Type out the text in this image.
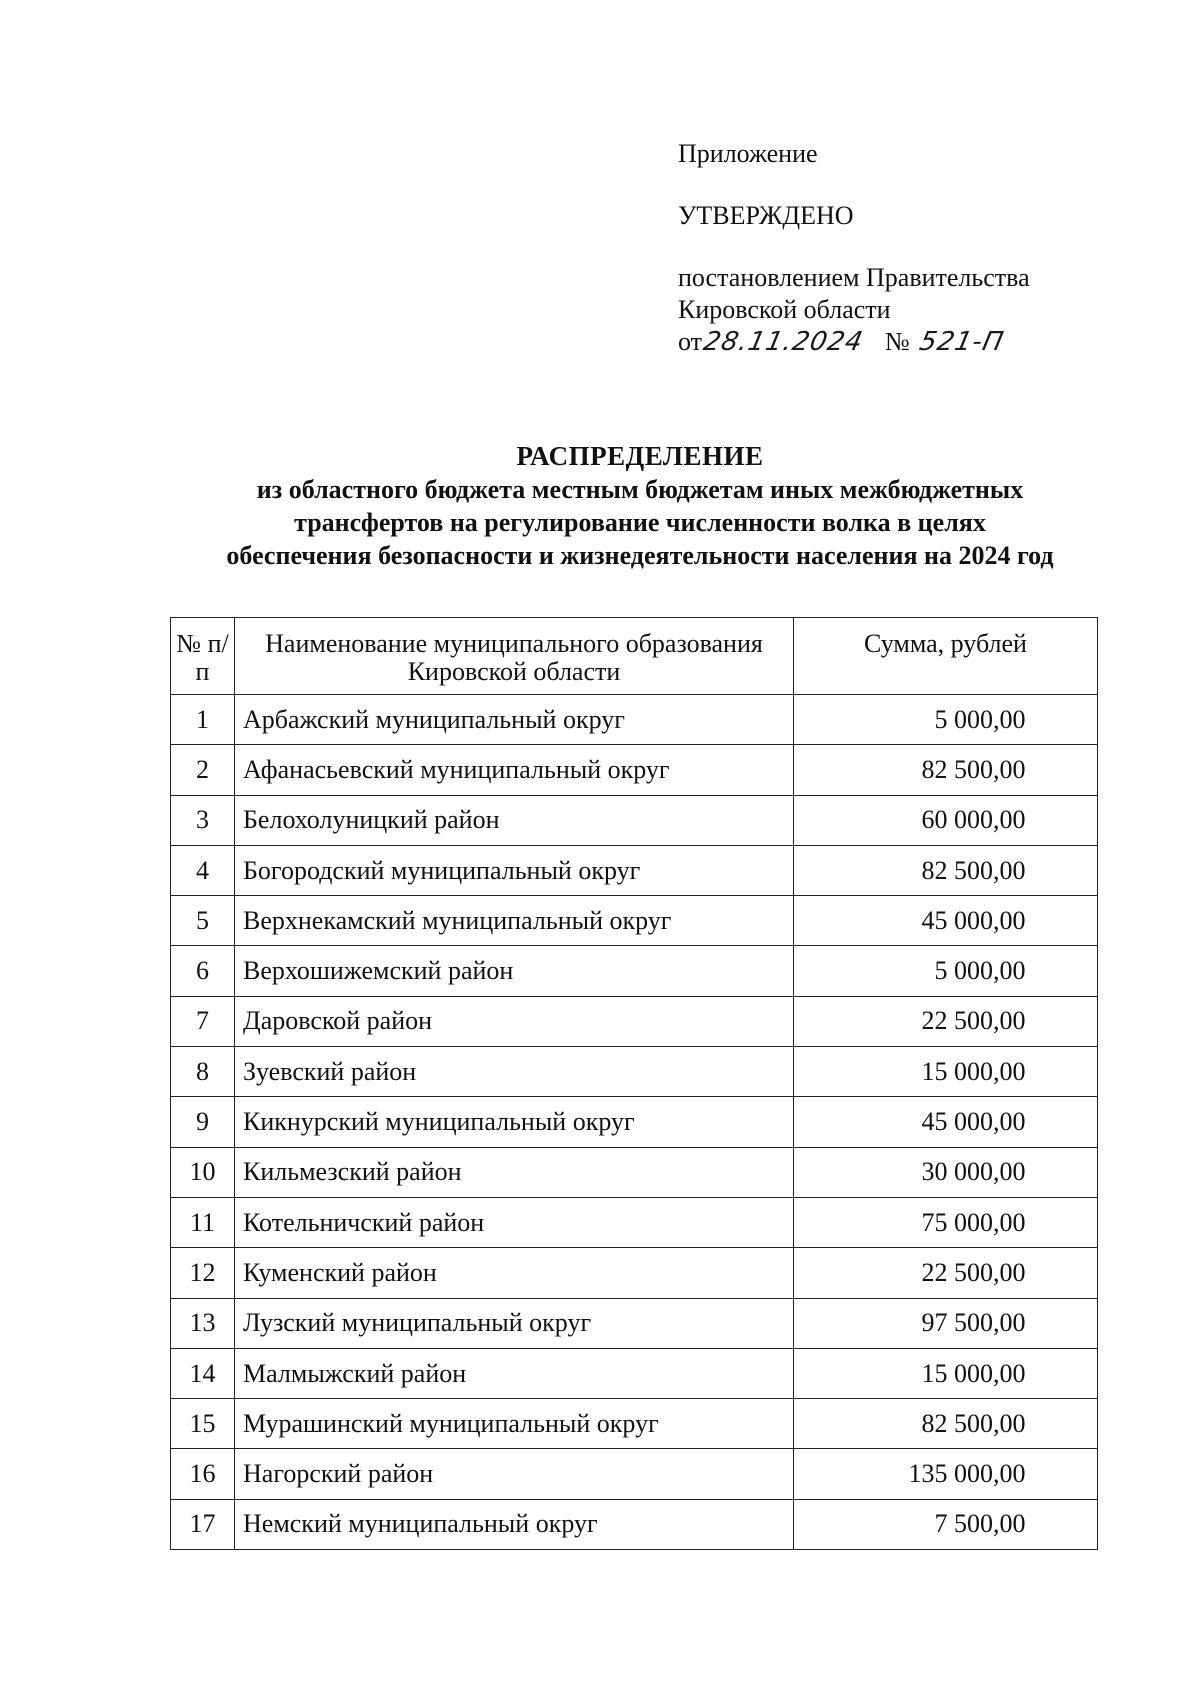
Приложение
УТВЕРЖДЕНО
постановлением Правительства
Кировской области
от28.11.2024 № 521-П
РАСПРЕДЕЛЕНИЕ
из областного бюджета местным бюджетам иных межбюджетных
трансфертов на регулирование численности волка в целях
обеспечения безопасности и жизнедеятельности населения на 2024 год
№ п/п	Наименование муниципального образования Кировской области	Сумма, рублей
1	Арбажский муниципальный округ	5 000,00
2	Афанасьевский муниципальный округ	82 500,00
3	Белохолуницкий район	60 000,00
4	Богородский муниципальный округ	82 500,00
5	Верхнекамский муниципальный округ	45 000,00
6	Верхошижемский район	5 000,00
7	Даровской район	22 500,00
8	Зуевский район	15 000,00
9	Кикнурский муниципальный округ	45 000,00
10	Кильмезский район	30 000,00
11	Котельничский район	75 000,00
12	Куменский район	22 500,00
13	Лузский муниципальный округ	97 500,00
14	Малмыжский район	15 000,00
15	Мурашинский муниципальный округ	82 500,00
16	Нагорский район	135 000,00
17	Немский муниципальный округ	7 500,00
